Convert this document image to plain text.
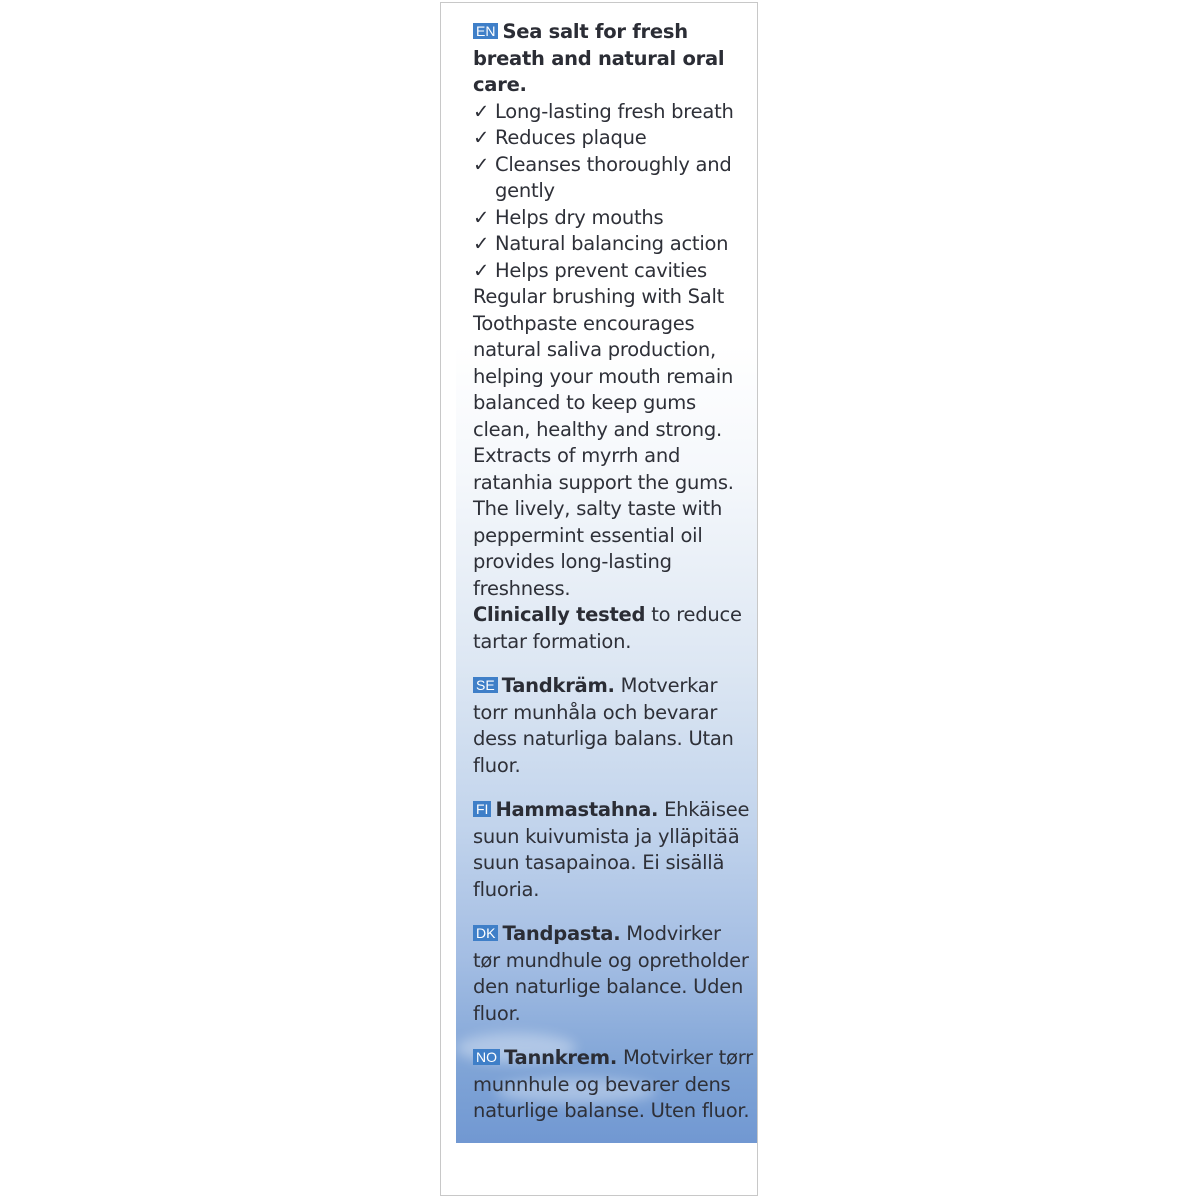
EN Sea salt for fresh breath and natural oral care.

✓ Long-lasting fresh breath
✓ Reduces plaque
✓ Cleanses thoroughly and gently
✓ Helps dry mouths
✓ Natural balancing action
✓ Helps prevent cavities

Regular brushing with Salt Toothpaste encourages natural saliva production, helping your mouth remain balanced to keep gums clean, healthy and strong. Extracts of myrrh and ratanhia support the gums. The lively, salty taste with peppermint essential oil provides long-lasting freshness.

Clinically tested to reduce tartar formation.

SE Tandkräm. Motverkar torr munhåla och bevarar dess naturliga balans. Utan fluor.

FI Hammastahna. Ehkäisee suun kuivumista ja ylläpitää suun tasapainoa. Ei sisällä fluoria.

DK Tandpasta. Modvirker tør mundhule og opretholder den naturlige balance. Uden fluor.

NO Tannkrem. Motvirker tørr munnhule og bevarer dens naturlige balanse. Uten fluor.
